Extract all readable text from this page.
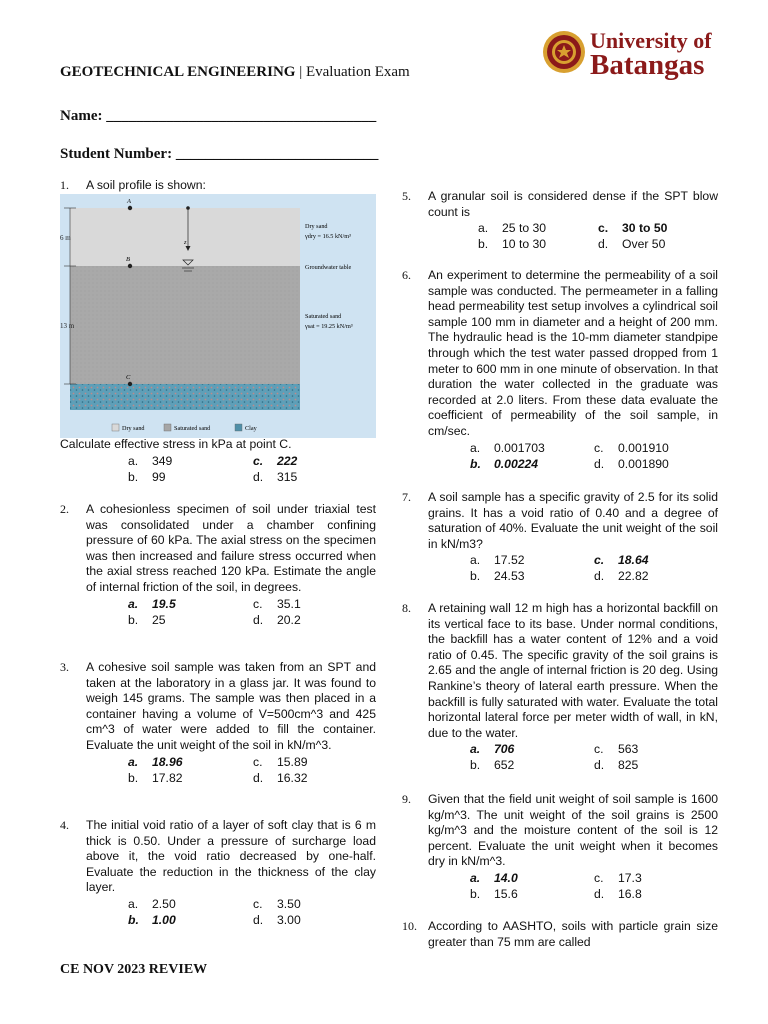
University of
Batangas
GEOTECHNICAL ENGINEERING | Evaluation Exam
Name: ____________________________________
Student Number: ___________________________
1. A soil profile is shown:
6 m
13 m
A
B
C
z
Dry sand
γdry = 16.5 kN/m³
Groundwater table
Saturated sand
γsat = 19.25 kN/m³
Dry sand	Saturated sand	Clay
Calculate effective stress in kPa at point C.
a. 349	c. 222
b. 99	d. 315
2. A cohesionless specimen of soil under triaxial test was consolidated under a chamber confining pressure of 60 kPa. The axial stress on the specimen was then increased and failure stress occurred when the axial stress reached 120 kPa. Estimate the angle of internal friction of the soil, in degrees.
a. 19.5	c. 35.1
b. 25	d. 20.2
3. A cohesive soil sample was taken from an SPT and taken at the laboratory in a glass jar. It was found to weigh 145 grams. The sample was then placed in a container having a volume of V=500cm^3 and 425 cm^3 of water were added to fill the container. Evaluate the unit weight of the soil in kN/m^3.
a. 18.96	c. 15.89
b. 17.82	d. 16.32
4. The initial void ratio of a layer of soft clay that is 6 m thick is 0.50. Under a pressure of surcharge load above it, the void ratio decreased by one-half. Evaluate the reduction in the thickness of the clay layer.
a. 2.50	c. 3.50
b. 1.00	d. 3.00
5. A granular soil is considered dense if the SPT blow count is
a. 25 to 30	c. 30 to 50
b. 10 to 30	d. Over 50
6. An experiment to determine the permeability of a soil sample was conducted. The permeameter in a falling head permeability test setup involves a cylindrical soil sample 100 mm in diameter and a height of 200 mm. The hydraulic head is the 10-mm diameter standpipe through which the test water passed dropped from 1 meter to 600 mm in one minute of observation. In that duration the water collected in the graduate was recorded at 2.0 liters. From these data evaluate the coefficient of permeability of the soil sample, in cm/sec.
a. 0.001703	c. 0.001910
b. 0.00224	d. 0.001890
7. A soil sample has a specific gravity of 2.5 for its solid grains. It has a void ratio of 0.40 and a degree of saturation of 40%. Evaluate the unit weight of the soil in kN/m3?
a. 17.52	c. 18.64
b. 24.53	d. 22.82
8. A retaining wall 12 m high has a horizontal backfill on its vertical face to its base. Under normal conditions, the backfill has a water content of 12% and a void ratio of 0.45. The specific gravity of the soil grains is 2.65 and the angle of internal friction is 20 deg. Using Rankine’s theory of lateral earth pressure. When the backfill is fully saturated with water. Evaluate the total horizontal lateral force per meter width of wall, in kN, due to the water.
a. 706	c. 563
b. 652	d. 825
9. Given that the field unit weight of soil sample is 1600 kg/m^3. The unit weight of the soil grains is 2500 kg/m^3 and the moisture content of the soil is 12 percent. Evaluate the unit weight when it becomes dry in kN/m^3.
a. 14.0	c. 17.3
b. 15.6	d. 16.8
10. According to AASHTO, soils with particle grain size greater than 75 mm are called
CE NOV 2023 REVIEW
